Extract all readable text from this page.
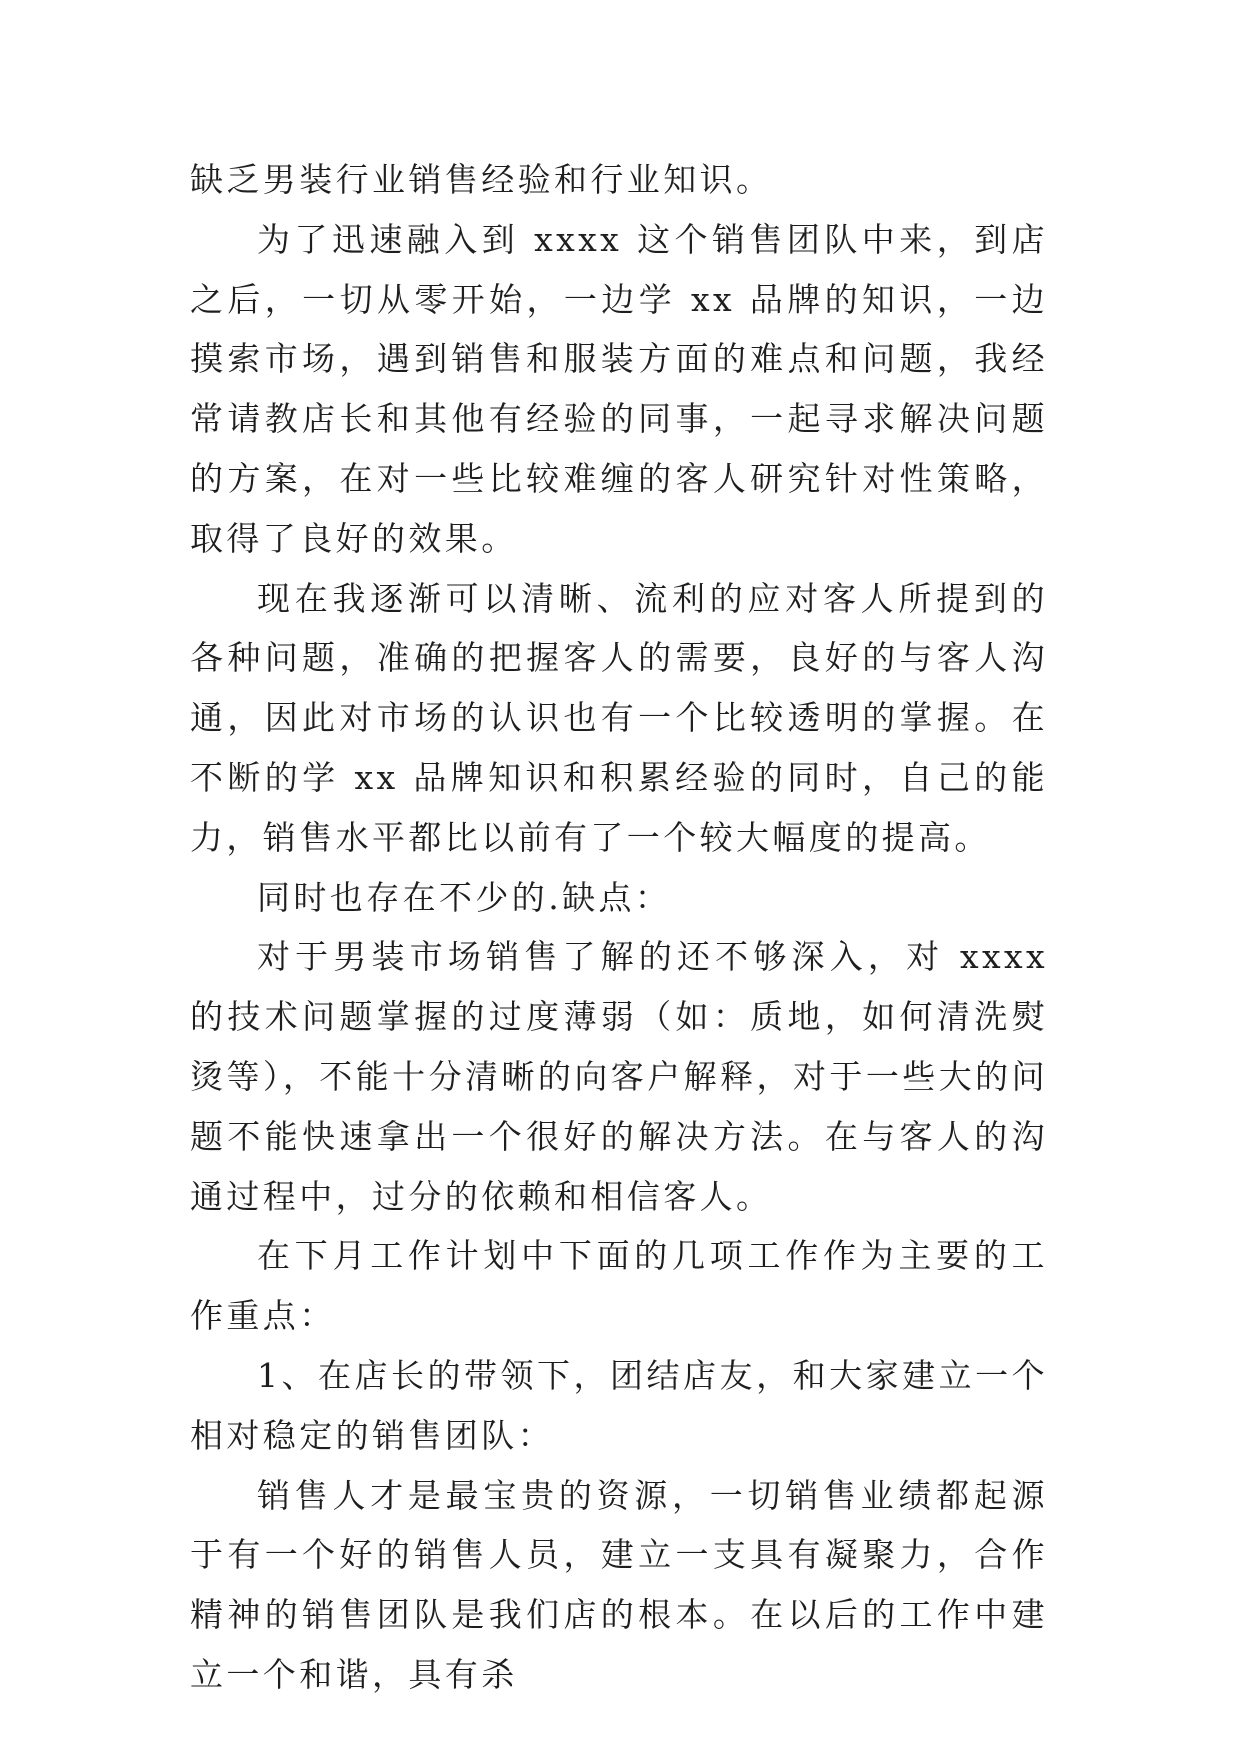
缺乏男装行业销售经验和行业知识。

为了迅速融入到 xxxx 这个销售团队中来，到店之后，一切从零开始，一边学 xx 品牌的知识，一边摸索市场，遇到销售和服装方面的难点和问题，我经常请教店长和其他有经验的同事，一起寻求解决问题的方案，在对一些比较难缠的客人研究针对性策略，取得了良好的效果。

现在我逐渐可以清晰、流利的应对客人所提到的各种问题，准确的把握客人的需要，良好的与客人沟通，因此对市场的认识也有一个比较透明的掌握。在不断的学 xx 品牌知识和积累经验的同时，自己的能力，销售水平都比以前有了一个较大幅度的提高。

同时也存在不少的.缺点：

对于男装市场销售了解的还不够深入，对 xxxx 的技术问题掌握的过度薄弱（如：质地，如何清洗熨烫等），不能十分清晰的向客户解释，对于一些大的问题不能快速拿出一个很好的解决方法。在与客人的沟通过程中，过分的依赖和相信客人。

在下月工作计划中下面的几项工作作为主要的工作重点：

1、在店长的带领下，团结店友，和大家建立一个相对稳定的销售团队：

销售人才是最宝贵的资源，一切销售业绩都起源于有一个好的销售人员，建立一支具有凝聚力，合作精神的销售团队是我们店的根本。在以后的工作中建立一个和谐，具有杀
